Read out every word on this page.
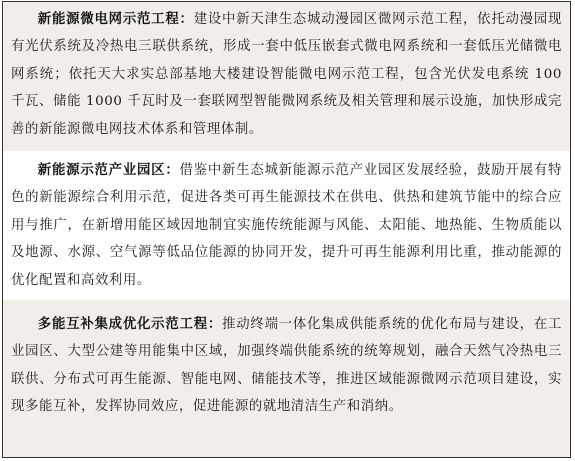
新能源微电网示范工程：建设中新天津生态城动漫园区微网示范工程，依托动漫园现有光伏系统及冷热电三联供系统，形成一套中低压嵌套式微电网系统和一套低压光储微电网系统；依托天大求实总部基地大楼建设智能微电网示范工程，包含光伏发电系统 100 千瓦、储能 1000 千瓦时及一套联网型智能微网系统及相关管理和展示设施，加快形成完善的新能源微电网技术体系和管理体制。

新能源示范产业园区：借鉴中新生态城新能源示范产业园区发展经验，鼓励开展有特色的新能源综合利用示范，促进各类可再生能源技术在供电、供热和建筑节能中的综合应用与推广，在新增用能区域因地制宜实施传统能源与风能、太阳能、地热能、生物质能以及地源、水源、空气源等低品位能源的协同开发，提升可再生能源利用比重，推动能源的优化配置和高效利用。

多能互补集成优化示范工程：推动终端一体化集成供能系统的优化布局与建设，在工业园区、大型公建等用能集中区域，加强终端供能系统的统筹规划，融合天然气冷热电三联供、分布式可再生能源、智能电网、储能技术等，推进区域能源微网示范项目建设，实现多能互补，发挥协同效应，促进能源的就地清洁生产和消纳。
